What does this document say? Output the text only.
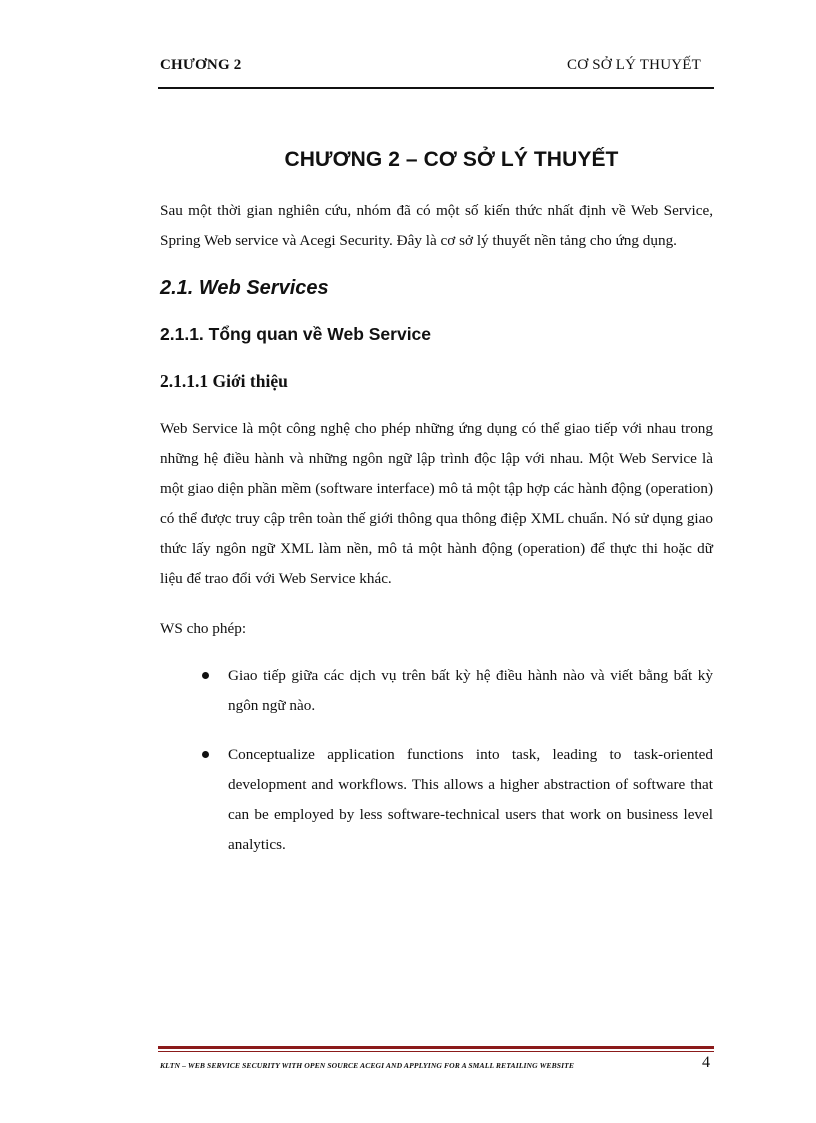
CHƯƠNG 2	CƠ SỞ LÝ THUYẾT
CHƯƠNG 2 – CƠ SỞ LÝ THUYẾT

Sau một thời gian nghiên cứu, nhóm đã có một số kiến thức nhất định về Web Service, Spring Web service và Acegi Security. Đây là cơ sở lý thuyết nền tảng cho ứng dụng.

2.1. Web Services
2.1.1. Tổng quan về Web Service
2.1.1.1 Giới thiệu

Web Service là một công nghệ cho phép những ứng dụng có thể giao tiếp với nhau trong những hệ điều hành và những ngôn ngữ lập trình độc lập với nhau. Một Web Service là một giao diện phần mềm (software interface) mô tả một tập hợp các hành động (operation) có thể được truy cập trên toàn thế giới thông qua thông điệp XML chuẩn. Nó sử dụng giao thức lấy ngôn ngữ XML làm nền, mô tả một hành động (operation) để thực thi hoặc dữ liệu để trao đổi với Web Service khác.

WS cho phép:

Giao tiếp giữa các dịch vụ trên bất kỳ hệ điều hành nào và viết bằng bất kỳ ngôn ngữ nào.

Conceptualize application functions into task, leading to task-oriented development and workflows. This allows a higher abstraction of software that can be employed by less software-technical users that work on business level analytics.

KLTN – WEB SERVICE SECURITY WITH OPEN SOURCE ACEGI AND APPLYING FOR A SMALL RETAILING WEBSITE	4
